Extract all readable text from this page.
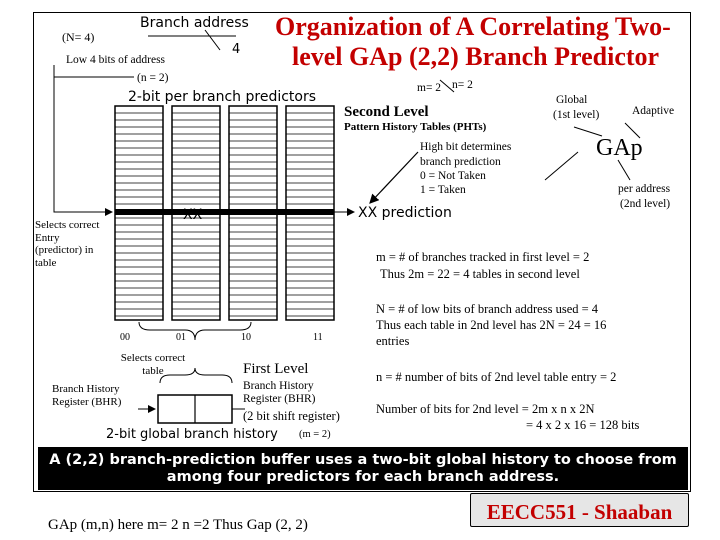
(N= 4)
Branch address
4
Low 4 bits of address
(n = 2)
Organization of A Correlating Two-
level GAp (2,2) Branch Predictor
m= 2 n= 2
2-bit per branch predictors
Second Level
Pattern History Tables (PHTs)
High bit determines
branch prediction
0 = Not Taken
1 = Taken
Global
(1st level)	Adaptive
GAp
per address
(2nd level)
XX	XX prediction
Selects correct Entry (predictor) in table	m = # of branches tracked in first level = 2
Thus 2m = 22 = 4 tables in second level
N = # of low bits of branch address used = 4
Thus each table in 2nd level has 2N = 24 = 16
entries
n = # number of bits of 2nd level table entry = 2
Number of bits for 2nd level = 2m x n x 2N
= 4 x 2 x 16 = 128 bits
00	01	10	11
Selects correct table
Branch History Register (BHR)
First Level
Branch History Register (BHR)
(2 bit shift register)
2-bit global branch history (m = 2)
A (2,2) branch-prediction buffer uses a two-bit global history to choose from among four predictors for each branch address.
GAp (m,n) here m= 2 n =2 Thus Gap (2, 2)
EECC551 - Shaaban
